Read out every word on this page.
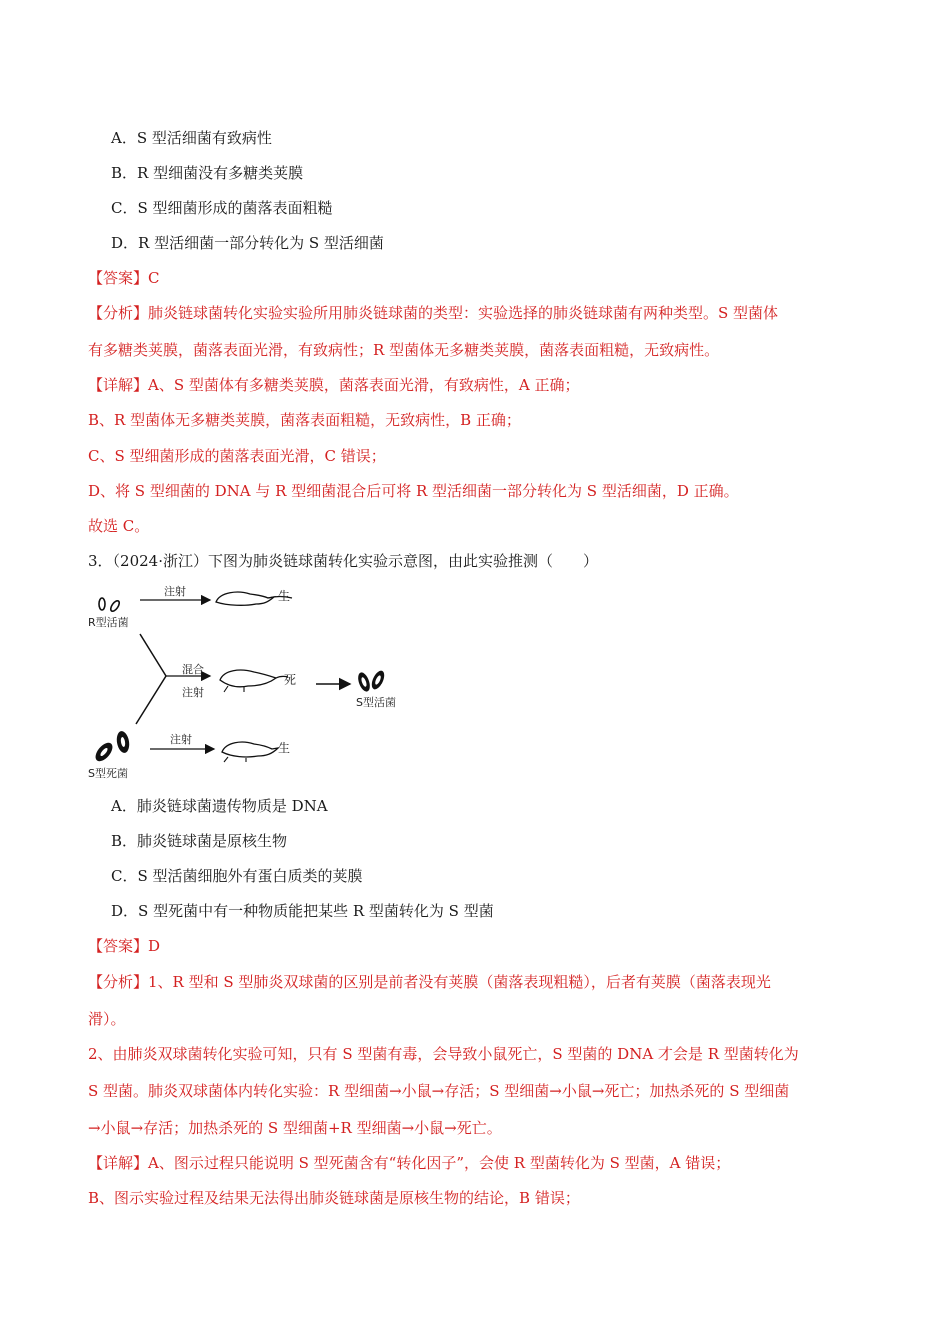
A．S 型活细菌有致病性
B．R 型细菌没有多糖类荚膜
C．S 型细菌形成的菌落表面粗糙
D．R 型活细菌一部分转化为 S 型活细菌
【答案】C
【分析】肺炎链球菌转化实验实验所用肺炎链球菌的类型：实验选择的肺炎链球菌有两种类型。S 型菌体
有多糖类荚膜，菌落表面光滑，有致病性；R 型菌体无多糖类荚膜，菌落表面粗糙，无致病性。
【详解】A、S 型菌体有多糖类荚膜，菌落表面光滑，有致病性，A 正确；
B、R 型菌体无多糖类荚膜，菌落表面粗糙，无致病性，B 正确；
C、S 型细菌形成的菌落表面光滑，C 错误；
D、将 S 型细菌的 DNA 与 R 型细菌混合后可将 R 型活细菌一部分转化为 S 型活细菌，D 正确。
故选 C。
3．（2024·浙江）下图为肺炎链球菌转化实验示意图，由此实验推测（　　）
R型活菌
注射	生
混合
注射
死
S型活菌
S型死菌
注射
生
A．肺炎链球菌遗传物质是 DNA
B．肺炎链球菌是原核生物
C．S 型活菌细胞外有蛋白质类的荚膜
D．S 型死菌中有一种物质能把某些 R 型菌转化为 S 型菌
【答案】D
【分析】1、R 型和 S 型肺炎双球菌的区别是前者没有荚膜（菌落表现粗糙），后者有荚膜（菌落表现光
滑）。
2、由肺炎双球菌转化实验可知，只有 S 型菌有毒，会导致小鼠死亡，S 型菌的 DNA 才会是 R 型菌转化为
S 型菌。肺炎双球菌体内转化实验：R 型细菌→小鼠→存活；S 型细菌→小鼠→死亡；加热杀死的 S 型细菌
→小鼠→存活；加热杀死的 S 型细菌+R 型细菌→小鼠→死亡。
【详解】A、图示过程只能说明 S 型死菌含有“转化因子”，会使 R 型菌转化为 S 型菌，A 错误；
B、图示实验过程及结果无法得出肺炎链球菌是原核生物的结论，B 错误；
